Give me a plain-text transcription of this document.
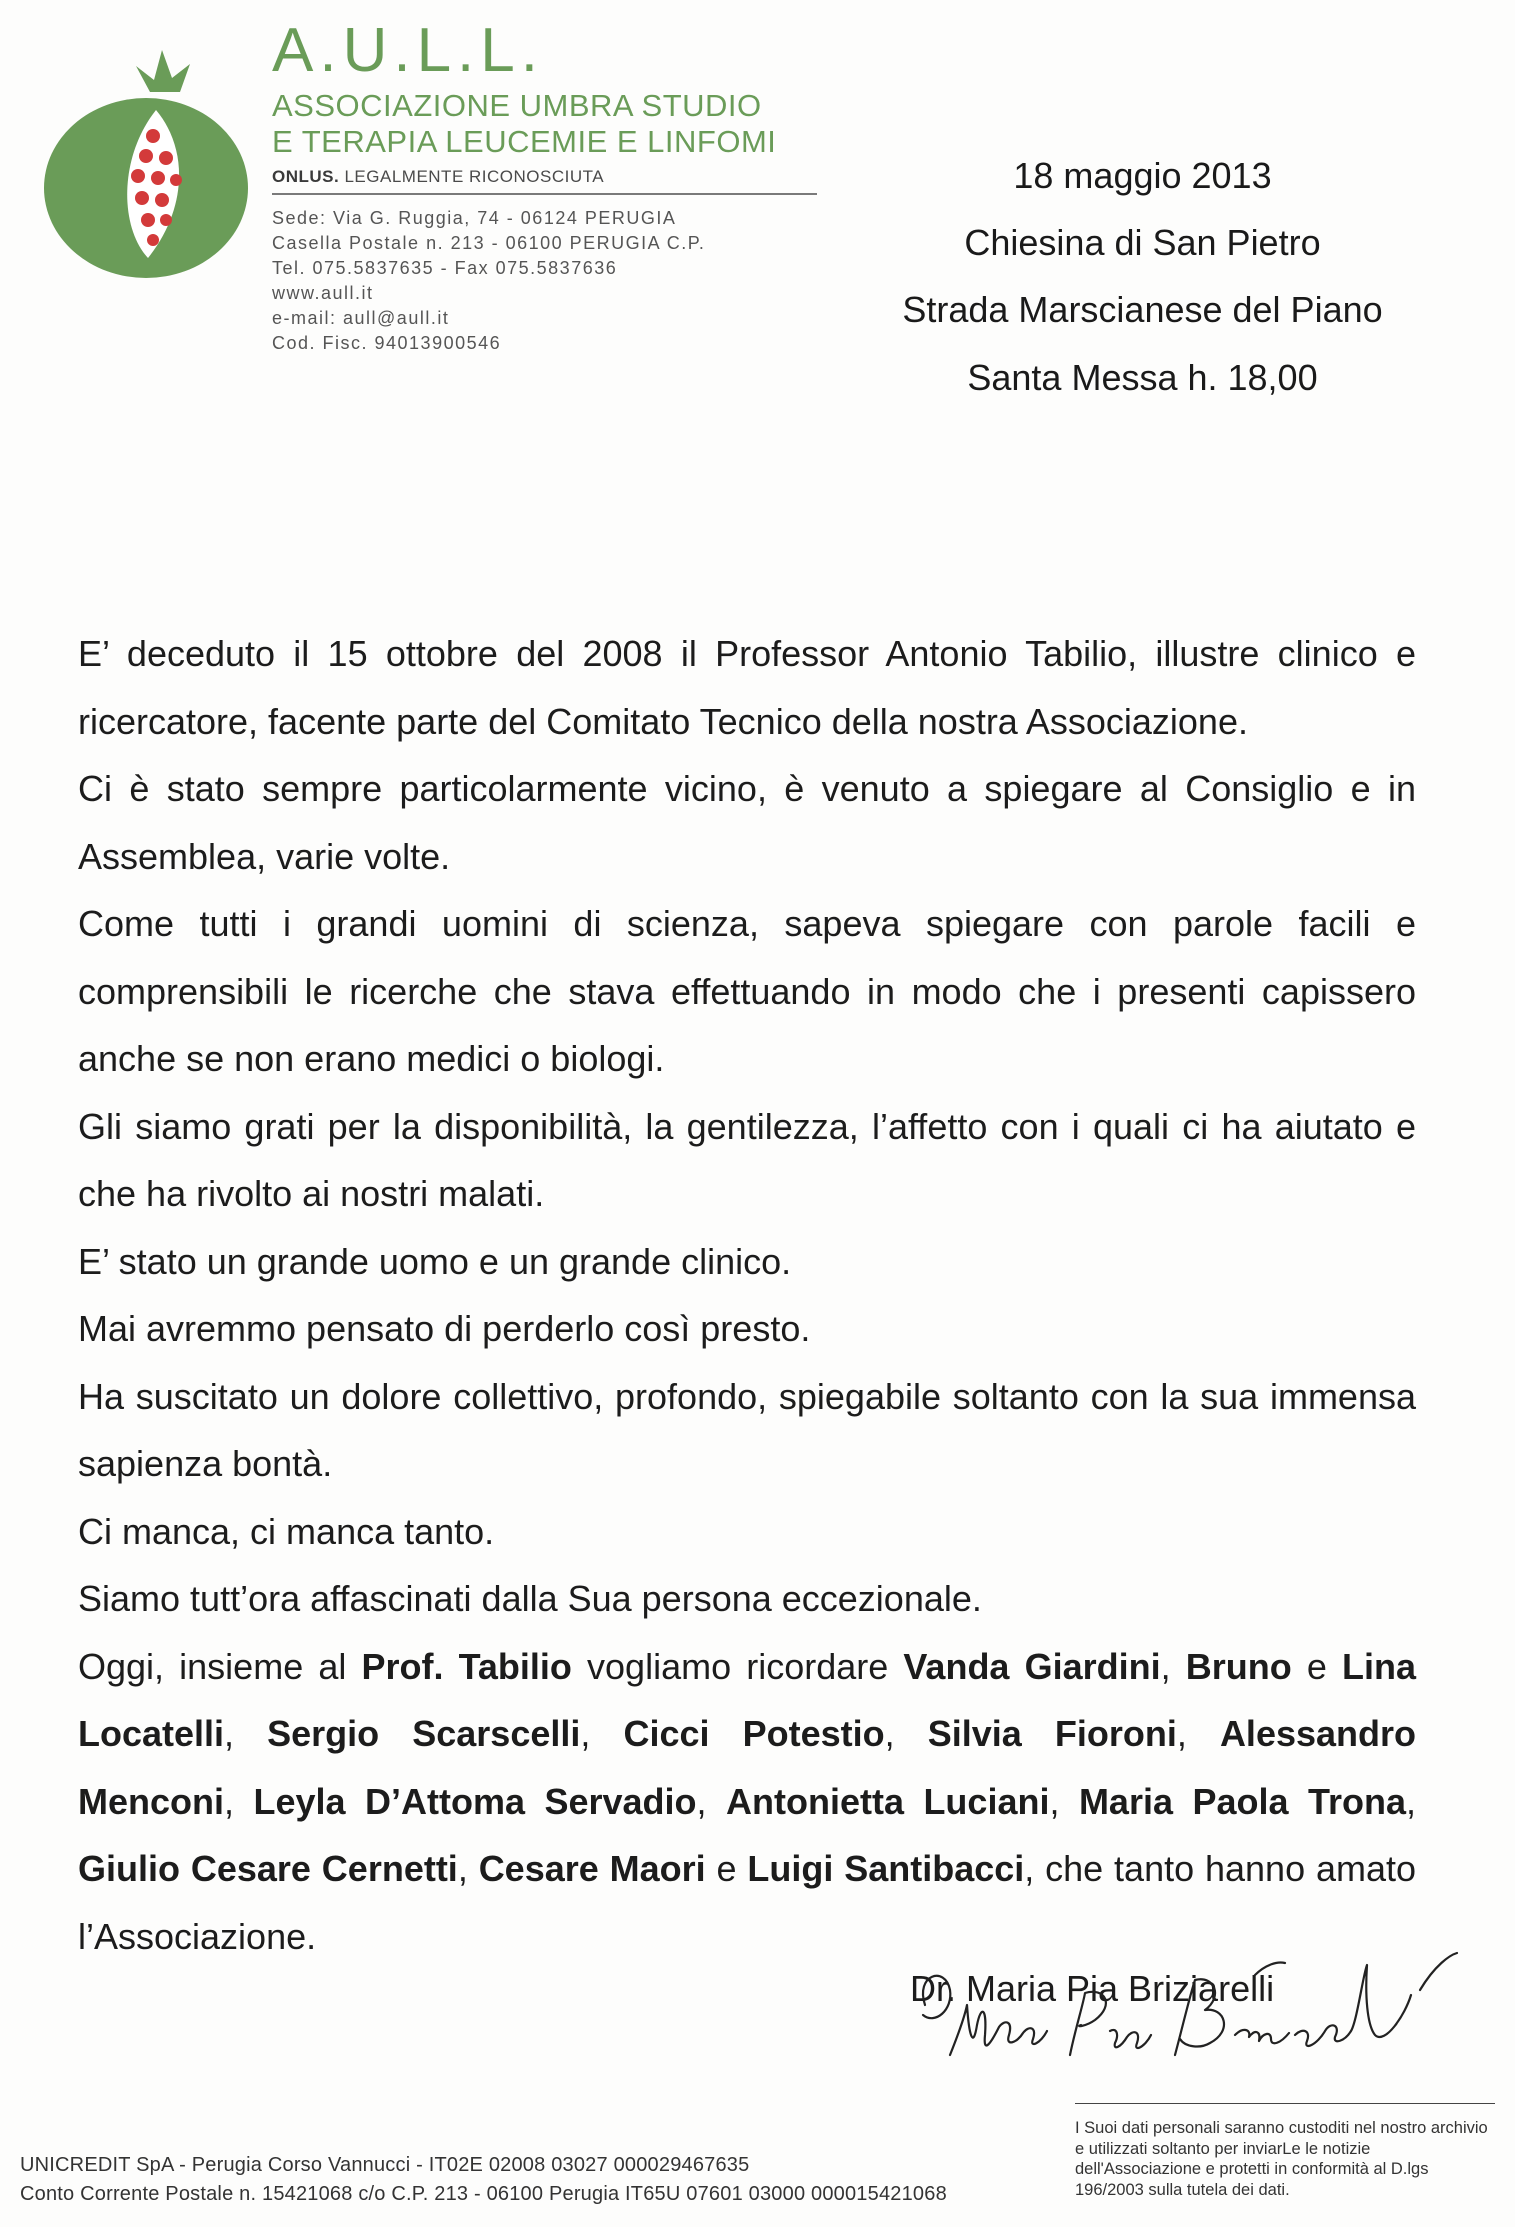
A.U.L.L.
ASSOCIAZIONE UMBRA STUDIO
E TERAPIA LEUCEMIE E LINFOMI
ONLUS. LEGALMENTE RICONOSCIUTA
Sede: Via G. Ruggia, 74 - 06124 PERUGIA
Casella Postale n. 213 - 06100 PERUGIA C.P.
Tel. 075.5837635 - Fax 075.5837636
www.aull.it
e-mail: aull@aull.it
Cod. Fisc. 94013900546
18 maggio 2013
Chiesina di San Pietro
Strada Marscianese del Piano
Santa Messa h. 18,00

E’ deceduto il 15 ottobre del 2008 il Professor Antonio Tabilio, illustre clinico e ricercatore, facente parte del Comitato Tecnico della nostra Associazione.

Ci è stato sempre particolarmente vicino, è venuto a spiegare al Consiglio e in Assemblea, varie volte.

Come tutti i grandi uomini di scienza, sapeva spiegare con parole facili e comprensibili le ricerche che stava effettuando in modo che i presenti capissero anche se non erano medici o biologi.

Gli siamo grati per la disponibilità, la gentilezza, l’affetto con i quali ci ha aiutato e che ha rivolto ai nostri malati.

E’ stato un grande uomo e un grande clinico.

Mai avremmo pensato di perderlo così presto.

Ha suscitato un dolore collettivo, profondo, spiegabile soltanto con la sua immensa sapienza bontà.

Ci manca, ci manca tanto.

Siamo tutt’ora affascinati dalla Sua persona eccezionale.

Oggi, insieme al Prof. Tabilio vogliamo ricordare Vanda Giardini, Bruno e Lina Locatelli, Sergio Scarscelli, Cicci Potestio, Silvia Fioroni, Alessandro Menconi, Leyla D’Attoma Servadio, Antonietta Luciani, Maria Paola Trona, Giulio Cesare Cernetti, Cesare Maori e Luigi Santibacci, che tanto hanno amato l’Associazione.

Dr. Maria Pia Briziarelli
I Suoi dati personali saranno custoditi nel nostro archivio e utilizzati soltanto per inviarLe le notizie dell'Associazione e protetti in conformità al D.lgs 196/2003 sulla tutela dei dati.
UNICREDIT SpA - Perugia Corso Vannucci - IT02E 02008 03027 000029467635
Conto Corrente Postale n. 15421068 c/o C.P. 213 - 06100 Perugia IT65U 07601 03000 000015421068
